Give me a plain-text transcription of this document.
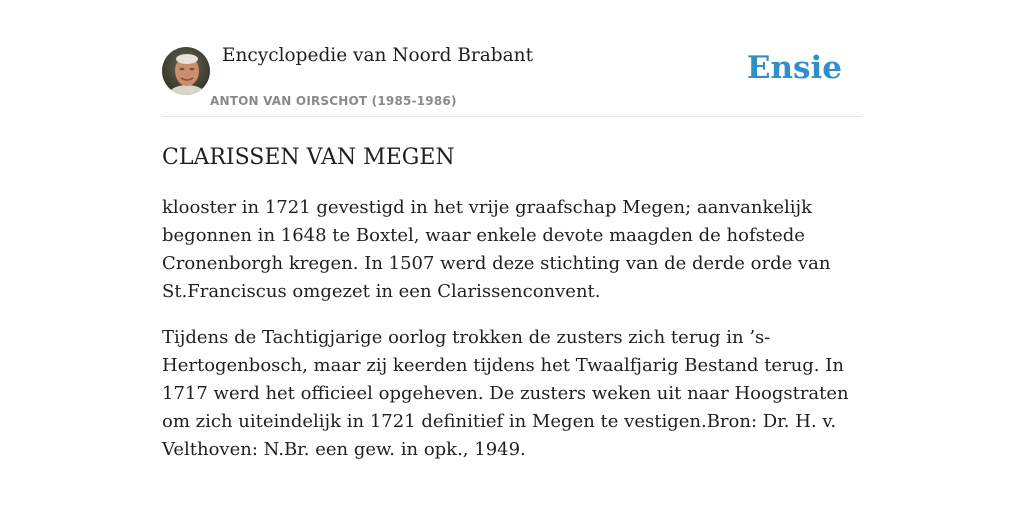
Encyclopedie van Noord Brabant
ANTON VAN OIRSCHOT (1985-1986)
Ensie
CLARISSEN VAN MEGEN

klooster in 1721 gevestigd in het vrije graafschap Megen; aanvankelijk begonnen in 1648 te Boxtel, waar enkele devote maagden de hofstede Cronenborgh kregen. In 1507 werd deze stichting van de derde orde van St.Franciscus omgezet in een Clarissenconvent.

Tijdens de Tachtigjarige oorlog trokken de zusters zich terug in ’s-Hertogenbosch, maar zij keerden tijdens het Twaalfjarig Bestand terug. In 1717 werd het officieel opgeheven. De zusters weken uit naar Hoogstraten om zich uiteindelijk in 1721 definitief in Megen te vestigen.Bron: Dr. H. v. Velthoven: N.Br. een gew. in opk., 1949.
